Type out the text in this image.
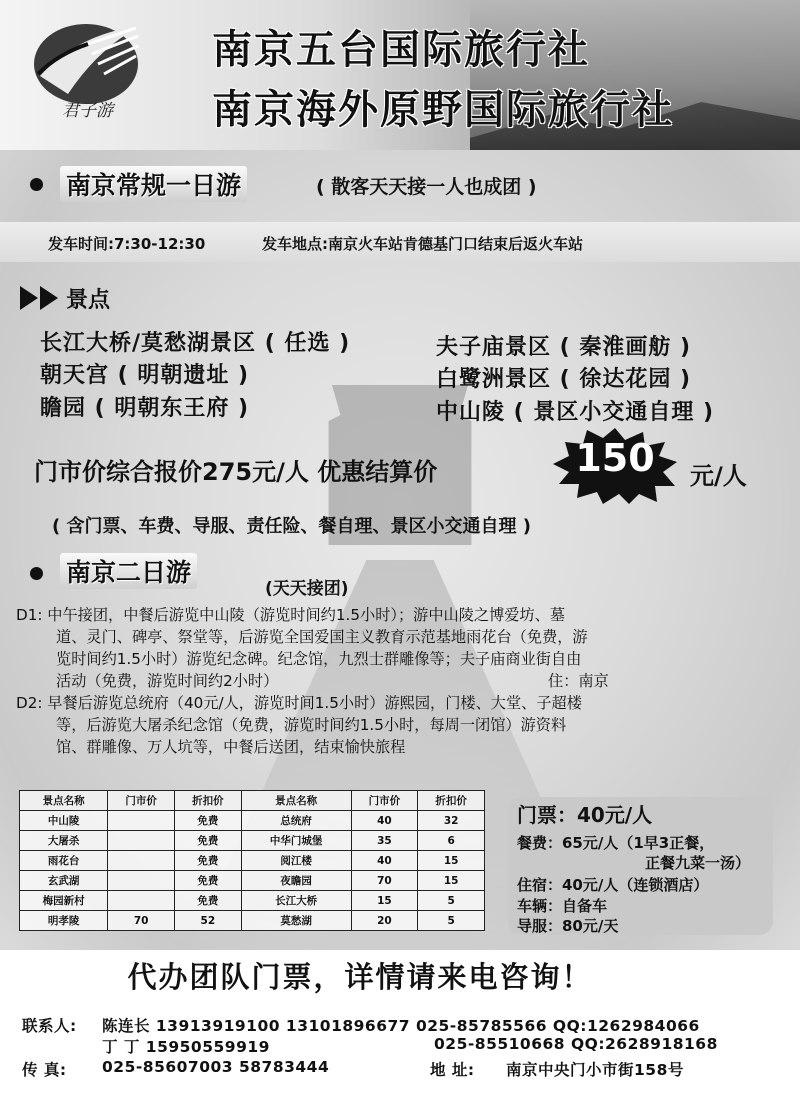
君子游
南京五台国际旅行社
南京海外原野国际旅行社
南京常规一日游	( 散客天天接一人也成团 )
发车时间:7:30-12:30	发车地点:南京火车站肯德基门口结束后返火车站
景点
长江大桥/莫愁湖景区 ( 任选 )
朝天宫 ( 明朝遗址 )
瞻园 ( 明朝东王府 )
夫子庙景区 ( 秦淮画舫 )
白鹭洲景区 ( 徐达花园 )
中山陵 ( 景区小交通自理 )
门市价综合报价275元/人 优惠结算价	150	元/人
( 含门票、车费、导服、责任险、餐自理、景区小交通自理 )
南京二日游
(天天接团)
D1: 中午接团，中餐后游览中山陵（游览时间约1.5小时）；游中山陵之博爱坊、墓
道、灵门、碑亭、祭堂等，后游览全国爱国主义教育示范基地雨花台（免费，游
览时间约1.5小时）游览纪念碑。纪念馆，九烈士群雕像等；夫子庙商业街自由
活动（免费，游览时间约2小时）	住：南京
D2: 早餐后游览总统府（40元/人，游览时间1.5小时）游熙园，门楼、大堂、子超楼
等，后游览大屠杀纪念馆（免费，游览时间约1.5小时，每周一闭馆）游资料
馆、群雕像、万人坑等，中餐后送团，结束愉快旅程
景点名称	门市价	折扣价	景点名称	门市价	折扣价
中山陵		免费	总统府	40	32
大屠杀		免费	中华门城堡	35	6
雨花台		免费	阅江楼	40	15
玄武湖		免费	夜瞻园	70	15
梅园新村		免费	长江大桥	15	5
明孝陵	70	52	莫愁湖	20	5
门票：40元/人
餐费：65元/人（1早3正餐，
正餐九菜一汤）
住宿：40元/人（连锁酒店）
车辆：自备车
导服：80元/天
代办团队门票，详情请来电咨询！
联系人: 陈连长 13913919100 13101896677 025-85785566 QQ:1262984066
丁 丁 15950559919	025-85510668 QQ:2628918168
传 真: 025-85607003 58783444	地 址: 南京中央门小市街158号
